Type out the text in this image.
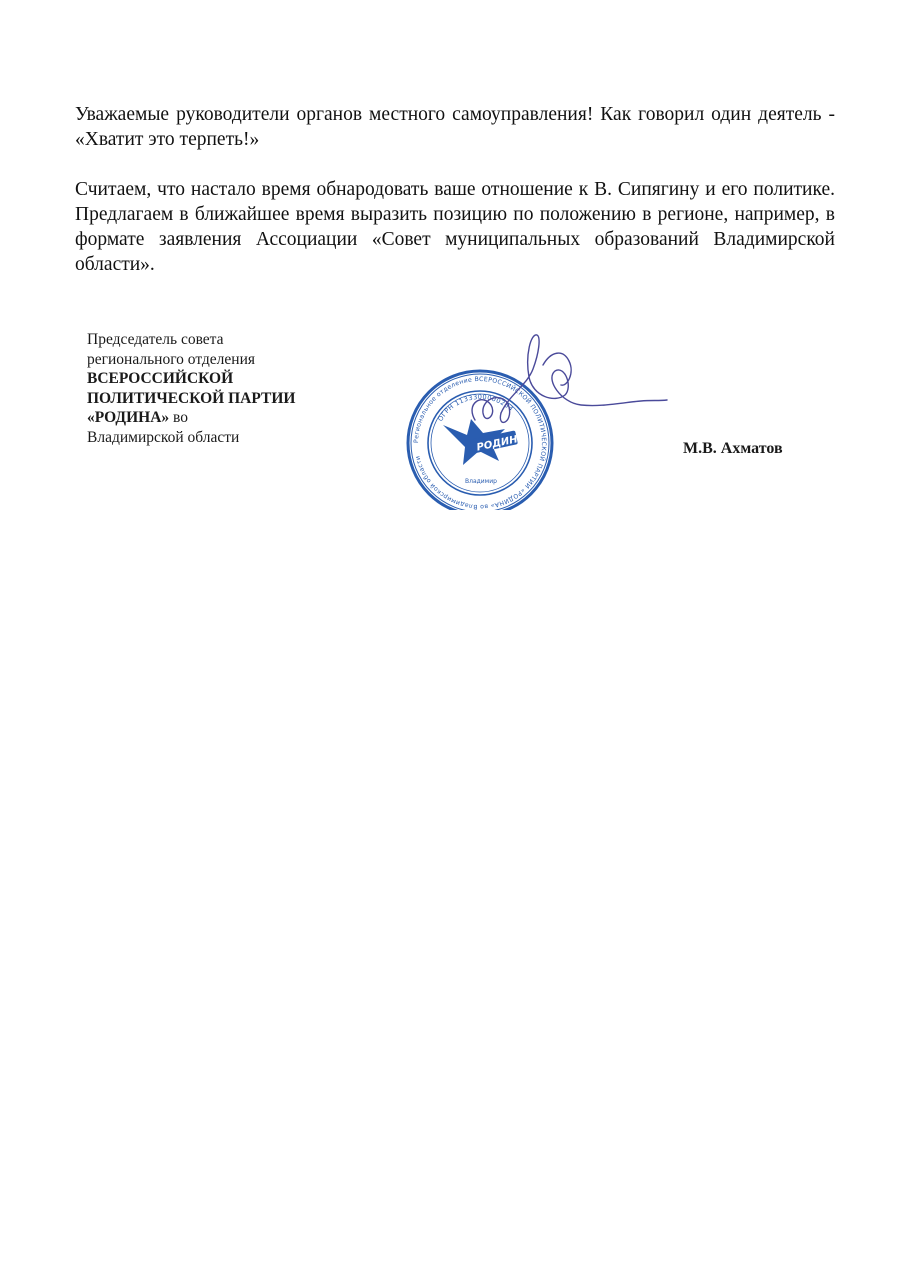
Уважаемые руководители органов местного самоуправления! Как говорил один деятель - «Хватит это терпеть!»

Считаем, что настало время обнародовать ваше отношение к В. Сипягину и его политике. Предлагаем в ближайшее время выразить позицию по положению в регионе, например, в формате заявления Ассоциации «Совет муниципальных образований Владимирской области».

Председатель совета
регионального отделения
ВСЕРОССИЙСКОЙ
ПОЛИТИЧЕСКОЙ ПАРТИИ
«РОДИНА» во
Владимирской области	Региональное отделение ВСЕРОССИЙСКОЙ ПОЛИТИЧЕСКОЙ ПАРТИИ «РОДИНА» во Владимирской области
ОГРН 1133300000234
РОДИНА
Владимир
М.В. Ахматов
